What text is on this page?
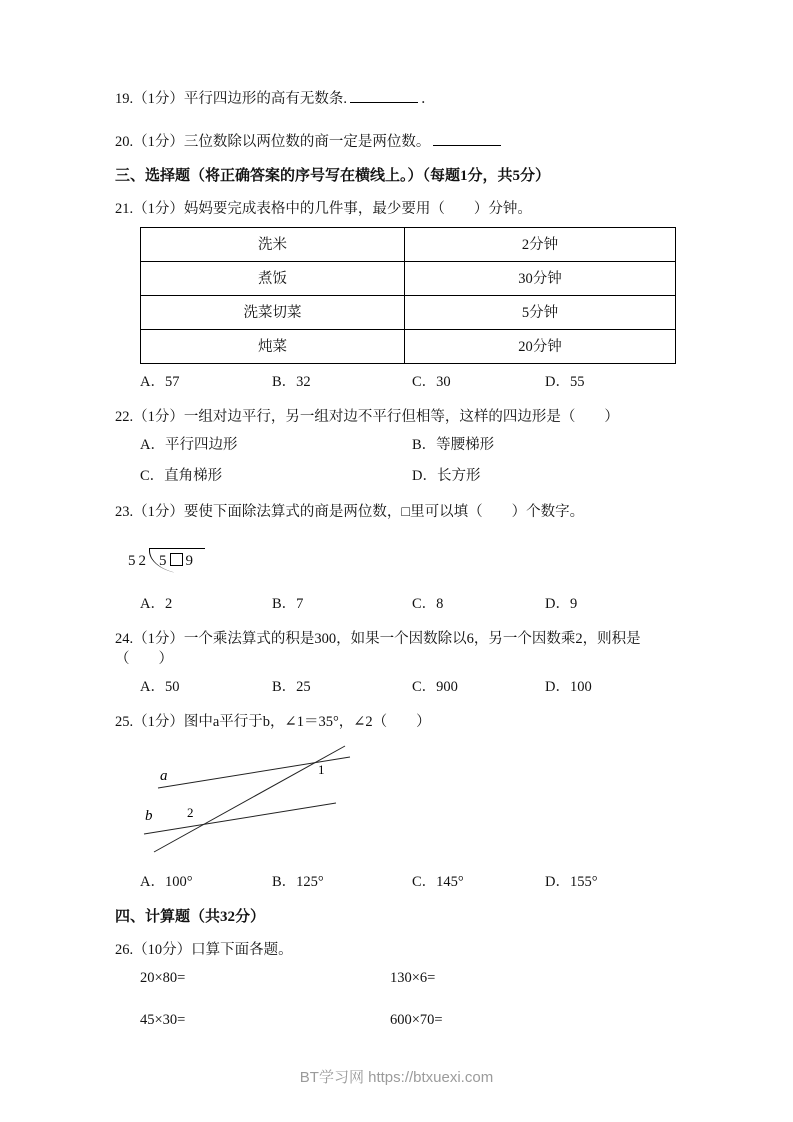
19.（1分）平行四边形的高有无数条.	．
20.（1分）三位数除以两位数的商一定是两位数。
三、选择题（将正确答案的序号写在横线上。）（每题1分，共5分）
21.（1分）妈妈要完成表格中的几件事，最少要用（　　）分钟。
洗米	2分钟
煮饭	30分钟
洗菜切菜	5分钟
炖菜	20分钟
A．57	B．32	C．30	D．55
22.（1分）一组对边平行，另一组对边不平行但相等，这样的四边形是（　　）
A．平行四边形	B．等腰梯形
C．直角梯形	D．长方形
23.（1分）要使下面除法算式的商是两位数，□里可以填（　　）个数字。
52 5 9
A．2	B．7	C．8	D．9
24.（1分）一个乘法算式的积是300，如果一个因数除以6，另一个因数乘2，则积是（　　）
A．50	B．25	C．900	D．100
25.（1分）图中a平行于b，∠1＝35°，∠2（　　）
a
b
1
2
A．100°	B．125°	C．145°	D．155°
四、计算题（共32分）
26.（10分）口算下面各题。
20×80=	130×6=
45×30=	600×70=
BT学习网 https://btxuexi.com
